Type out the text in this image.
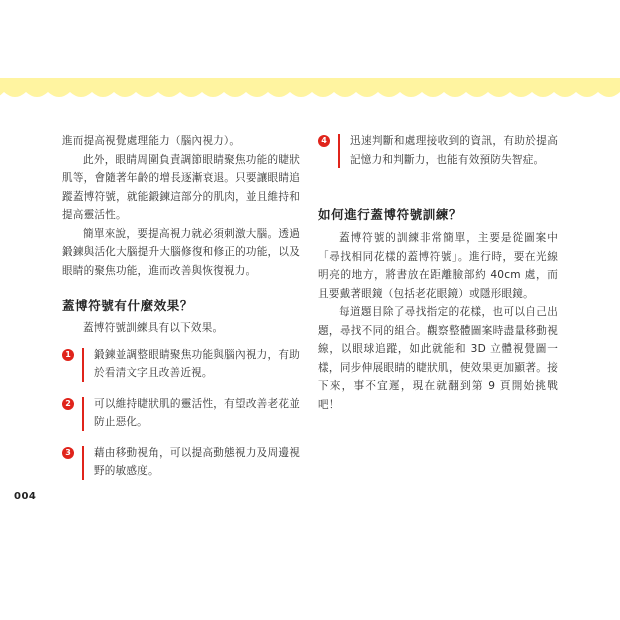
進而提高視覺處理能力（腦內視力）。

此外，眼睛周圍負責調節眼睛聚焦功能的睫狀肌等，會隨著年齡的增長逐漸衰退。只要讓眼睛追蹤蓋博符號，就能鍛鍊這部分的肌肉，並且維持和提高靈活性。

簡單來說，要提高視力就必須刺激大腦。透過鍛鍊與活化大腦提升大腦修復和修正的功能，以及眼睛的聚焦功能，進而改善與恢復視力。

蓋博符號有什麼效果？

蓋博符號訓練具有以下效果。

1	鍛鍊並調整眼睛聚焦功能與腦內視力，有助於看清文字且改善近視。

2	可以維持睫狀肌的靈活性，有望改善老花並防止惡化。

3	藉由移動視角，可以提高動態視力及周邊視野的敏感度。

4	迅速判斷和處理接收到的資訊，有助於提高記憶力和判斷力，也能有效預防失智症。

如何進行蓋博符號訓練？

蓋博符號的訓練非常簡單，主要是從圖案中「尋找相同花樣的蓋博符號」。進行時，要在光線明亮的地方，將書放在距離臉部約 40cm 處，而且要戴著眼鏡（包括老花眼鏡）或隱形眼鏡。

每道題目除了尋找指定的花樣，也可以自己出題，尋找不同的組合。觀察整體圖案時盡量移動視線，以眼球追蹤，如此就能和 3D 立體視覺圖一樣，同步伸展眼睛的睫狀肌，使效果更加顯著。接下來，事不宜遲，現在就翻到第 9 頁開始挑戰吧！

004
